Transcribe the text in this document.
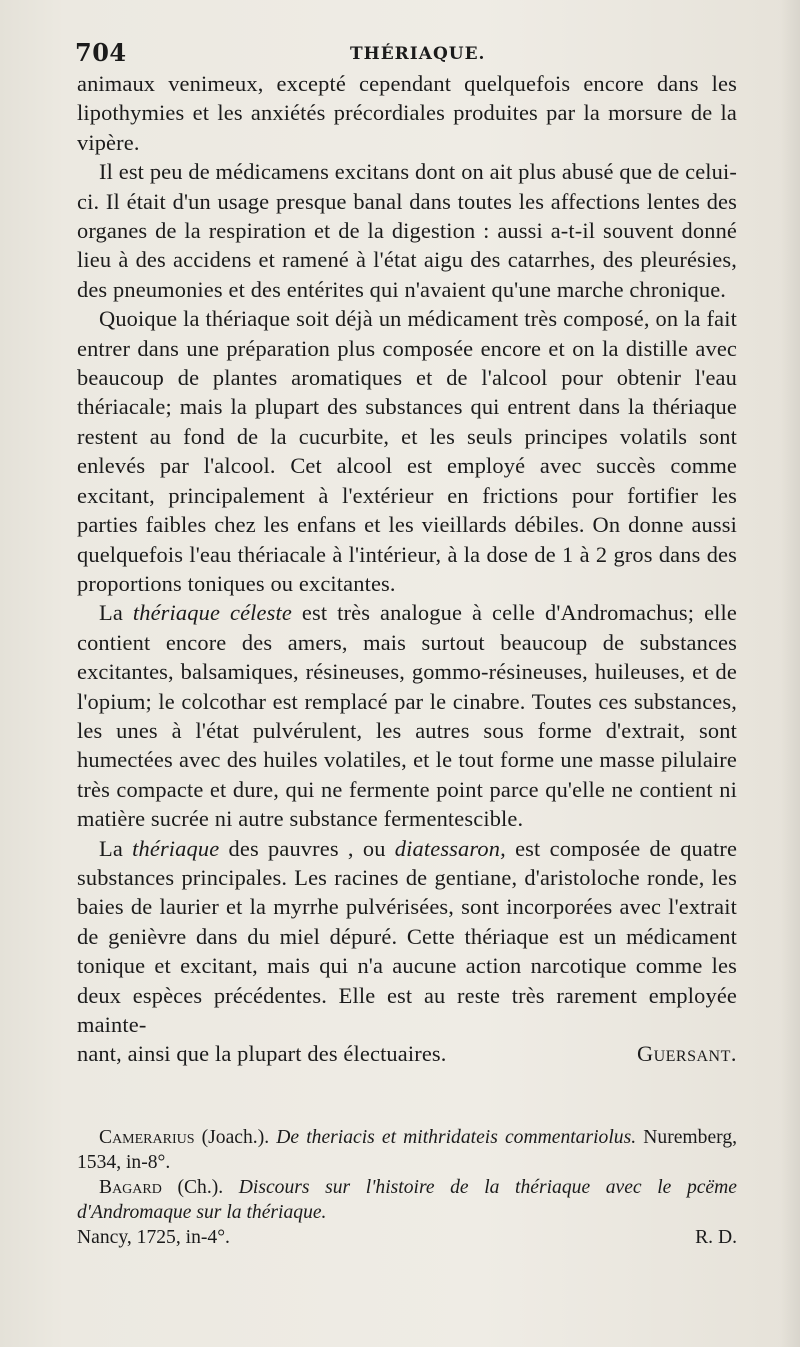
704	THÉRIAQUE.

animaux venimeux, excepté cependant quelquefois encore dans les lipothymies et les anxiétés précordiales produites par la morsure de la vipère.

Il est peu de médicamens excitans dont on ait plus abusé que de celui-ci. Il était d'un usage presque banal dans toutes les affections lentes des organes de la respiration et de la digestion : aussi a-t-il souvent donné lieu à des accidens et ramené à l'état aigu des catarrhes, des pleurésies, des pneumonies et des entérites qui n'avaient qu'une marche chronique.

Quoique la thériaque soit déjà un médicament très composé, on la fait entrer dans une préparation plus composée encore et on la distille avec beaucoup de plantes aromatiques et de l'alcool pour obtenir l'eau thériacale; mais la plupart des substances qui entrent dans la thériaque restent au fond de la cucurbite, et les seuls principes volatils sont enlevés par l'alcool. Cet alcool est employé avec succès comme excitant, principalement à l'extérieur en frictions pour fortifier les parties faibles chez les enfans et les vieillards débiles. On donne aussi quelquefois l'eau thériacale à l'intérieur, à la dose de 1 à 2 gros dans des proportions toniques ou excitantes.

La thériaque céleste est très analogue à celle d'Andromachus; elle contient encore des amers, mais surtout beaucoup de substances excitantes, balsamiques, résineuses, gommo-résineuses, huileuses, et de l'opium; le colcothar est remplacé par le cinabre. Toutes ces substances, les unes à l'état pulvérulent, les autres sous forme d'extrait, sont humectées avec des huiles volatiles, et le tout forme une masse pilulaire très compacte et dure, qui ne fermente point parce qu'elle ne contient ni matière sucrée ni autre substance fermentescible.

La thériaque des pauvres , ou diatessaron, est composée de quatre substances principales. Les racines de gentiane, d'aristoloche ronde, les baies de laurier et la myrrhe pulvérisées, sont incorporées avec l'extrait de genièvre dans du miel dépuré. Cette thériaque est un médicament tonique et excitant, mais qui n'a aucune action narcotique comme les deux espèces précédentes. Elle est au reste très rarement employée mainte-

nant, ainsi que la plupart des électuaires.	Guersant.

Camerarius (Joach.). De theriacis et mithridateis commentariolus. Nuremberg, 1534, in-8°.

Bagard (Ch.). Discours sur l'histoire de la thériaque avec le pcëme d'Andromaque sur la thériaque.

Nancy, 1725, in-4°.	R. D.
